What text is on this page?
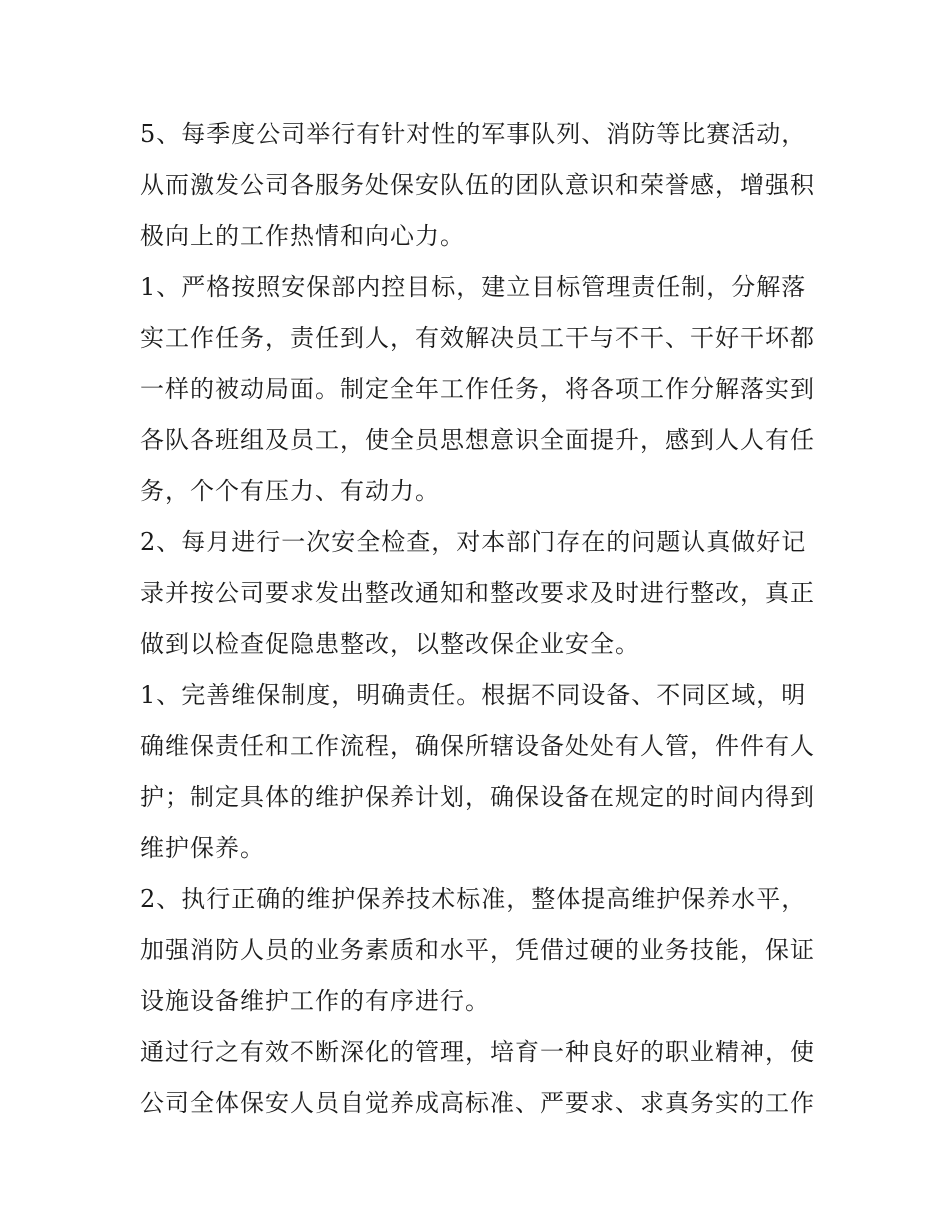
5、每季度公司举行有针对性的军事队列、消防等比赛活动，
从而激发公司各服务处保安队伍的团队意识和荣誉感，增强积
极向上的工作热情和向心力。

1、严格按照安保部内控目标，建立目标管理责任制，分解落
实工作任务，责任到人，有效解决员工干与不干、干好干坏都
一样的被动局面。制定全年工作任务，将各项工作分解落实到
各队各班组及员工，使全员思想意识全面提升，感到人人有任
务，个个有压力、有动力。

2、每月进行一次安全检查，对本部门存在的问题认真做好记
录并按公司要求发出整改通知和整改要求及时进行整改，真正
做到以检查促隐患整改，以整改保企业安全。

1、完善维保制度，明确责任。根据不同设备、不同区域，明
确维保责任和工作流程，确保所辖设备处处有人管，件件有人
护；制定具体的维护保养计划，确保设备在规定的时间内得到
维护保养。

2、执行正确的维护保养技术标准，整体提高维护保养水平，
加强消防人员的业务素质和水平，凭借过硬的业务技能，保证
设施设备维护工作的有序进行。

通过行之有效不断深化的管理，培育一种良好的职业精神，使
公司全体保安人员自觉养成高标准、严要求、求真务实的工作
